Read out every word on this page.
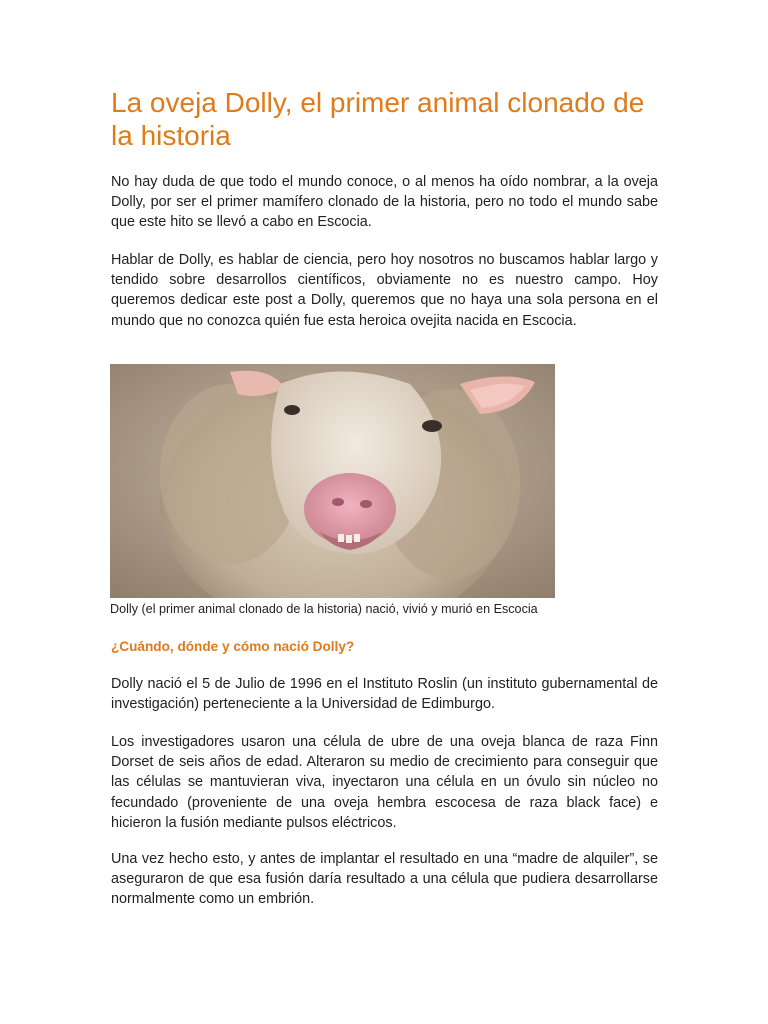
La oveja Dolly, el primer animal clonado de la historia

No hay duda de que todo el mundo conoce, o al menos ha oído nombrar, a la oveja Dolly, por ser el primer mamífero clonado de la historia, pero no todo el mundo sabe que este hito se llevó a cabo en Escocia.

Hablar de Dolly, es hablar de ciencia, pero hoy nosotros no buscamos hablar largo y tendido sobre desarrollos científicos, obviamente no es nuestro campo. Hoy queremos dedicar este post a Dolly, queremos que no haya una sola persona en el mundo que no conozca quién fue esta heroica ovejita nacida en Escocia.

Dolly (el primer animal clonado de la historia) nació, vivió y murió en Escocia

¿Cuándo, dónde y cómo nació Dolly?

Dolly nació el 5 de Julio de 1996 en el Instituto Roslin (un instituto gubernamental de investigación) perteneciente a la Universidad de Edimburgo.

Los investigadores usaron una célula de ubre de una oveja blanca de raza Finn Dorset de seis años de edad. Alteraron su medio de crecimiento para conseguir que las células se mantuvieran viva, inyectaron una célula en un óvulo sin núcleo no fecundado (proveniente de una oveja hembra escocesa de raza black face) e hicieron la fusión mediante pulsos eléctricos.

Una vez hecho esto, y antes de implantar el resultado en una “madre de alquiler”, se aseguraron de que esa fusión daría resultado a una célula que pudiera desarrollarse normalmente como un embrión.
